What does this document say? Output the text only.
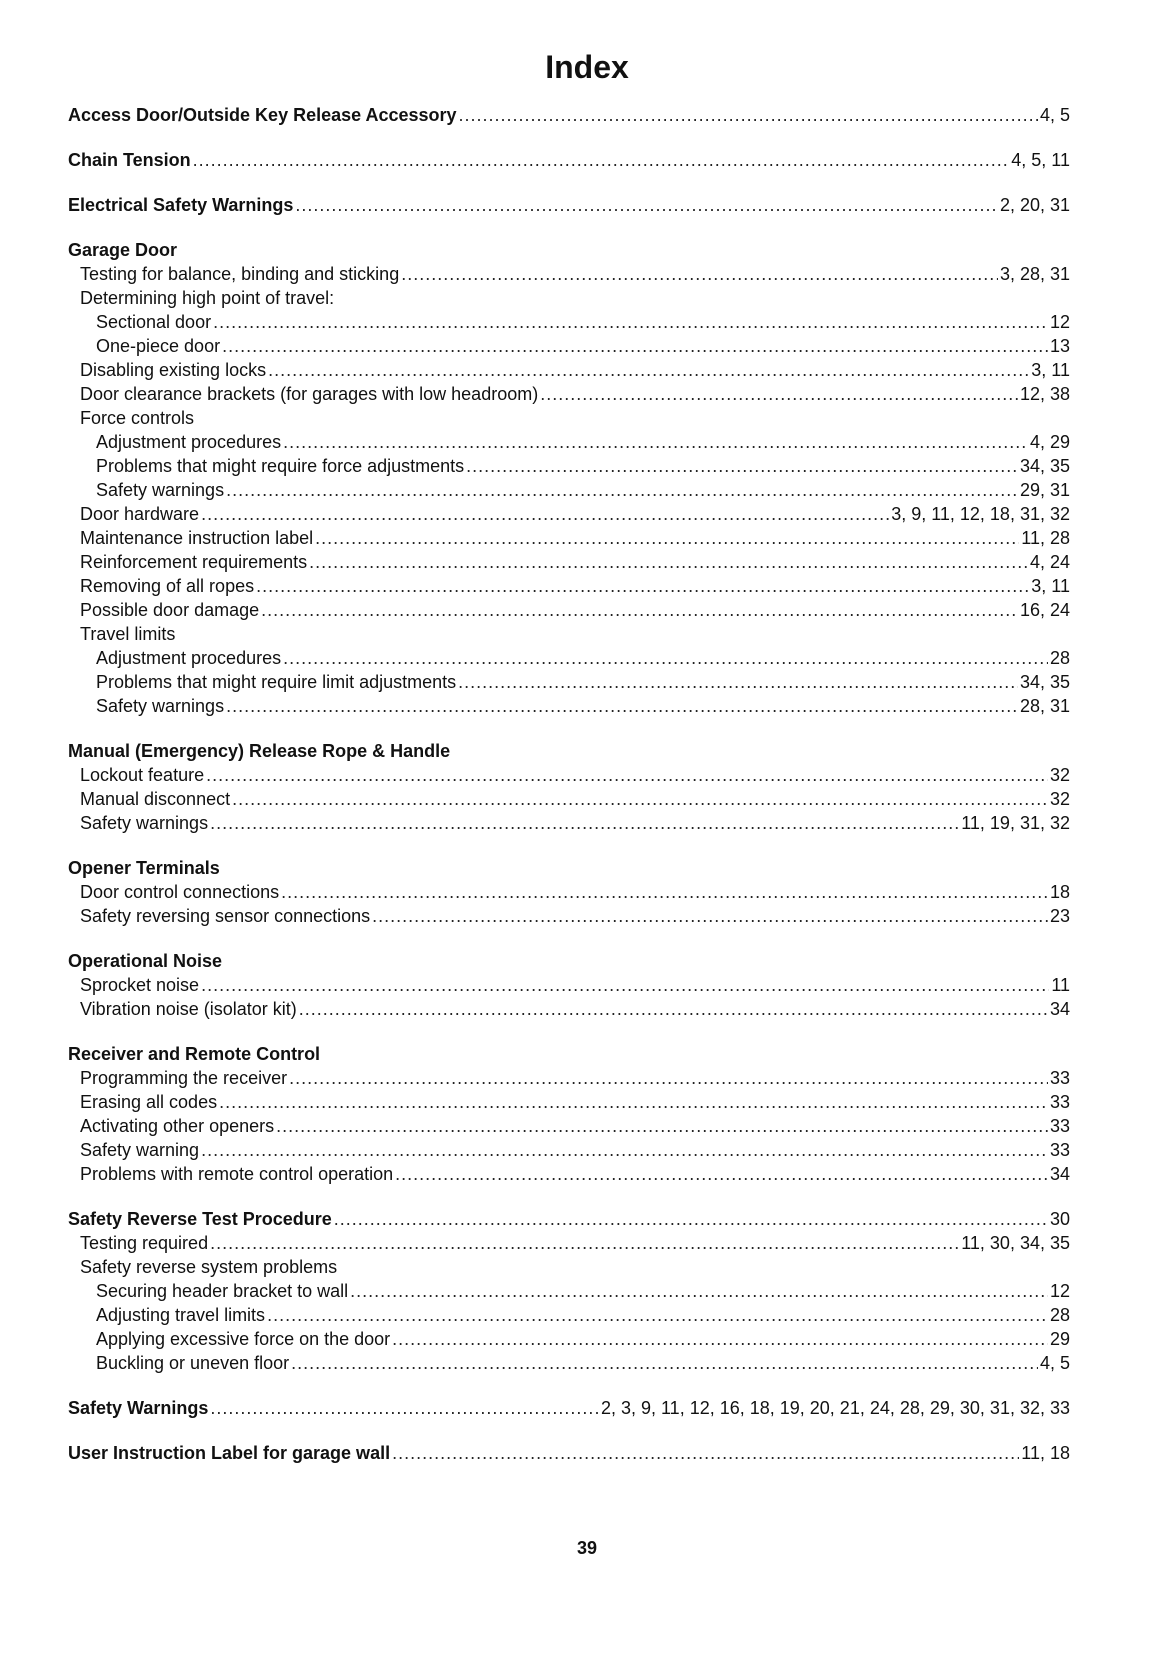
Index
Access Door/Outside Key Release Accessory .....	4, 5
Chain Tension .....	4, 5, 11
Electrical Safety Warnings .....	2, 20, 31
Garage Door
Testing for balance, binding and sticking .....	3, 28, 31
Determining high point of travel:
Sectional door .....	12
One-piece door .....	13
Disabling existing locks .....	3, 11
Door clearance brackets (for garages with low headroom) .....	12, 38
Force controls
Adjustment procedures .....	4, 29
Problems that might require force adjustments .....	34, 35
Safety warnings .....	29, 31
Door hardware .....	3, 9, 11, 12, 18, 31, 32
Maintenance instruction label .....	11, 28
Reinforcement requirements .....	4, 24
Removing of all ropes .....	3, 11
Possible door damage .....	16, 24
Travel limits
Adjustment procedures .....	28
Problems that might require limit adjustments .....	34, 35
Safety warnings .....	28, 31
Manual (Emergency) Release Rope & Handle
Lockout feature .....	32
Manual disconnect .....	32
Safety warnings .....	11, 19, 31, 32
Opener Terminals
Door control connections .....	18
Safety reversing sensor connections .....	23
Operational Noise
Sprocket noise .....	11
Vibration noise (isolator kit) .....	34
Receiver and Remote Control
Programming the receiver .....	33
Erasing all codes .....	33
Activating other openers .....	33
Safety warning .....	33
Problems with remote control operation .....	34
Safety Reverse Test Procedure .....	30
Testing required .....	11, 30, 34, 35
Safety reverse system problems
Securing header bracket to wall .....	12
Adjusting travel limits .....	28
Applying excessive force on the door .....	29
Buckling or uneven floor .....	4, 5
Safety Warnings .....	2, 3, 9, 11, 12, 16, 18, 19, 20, 21, 24, 28, 29, 30, 31, 32, 33
User Instruction Label for garage wall .....	11, 18
39
